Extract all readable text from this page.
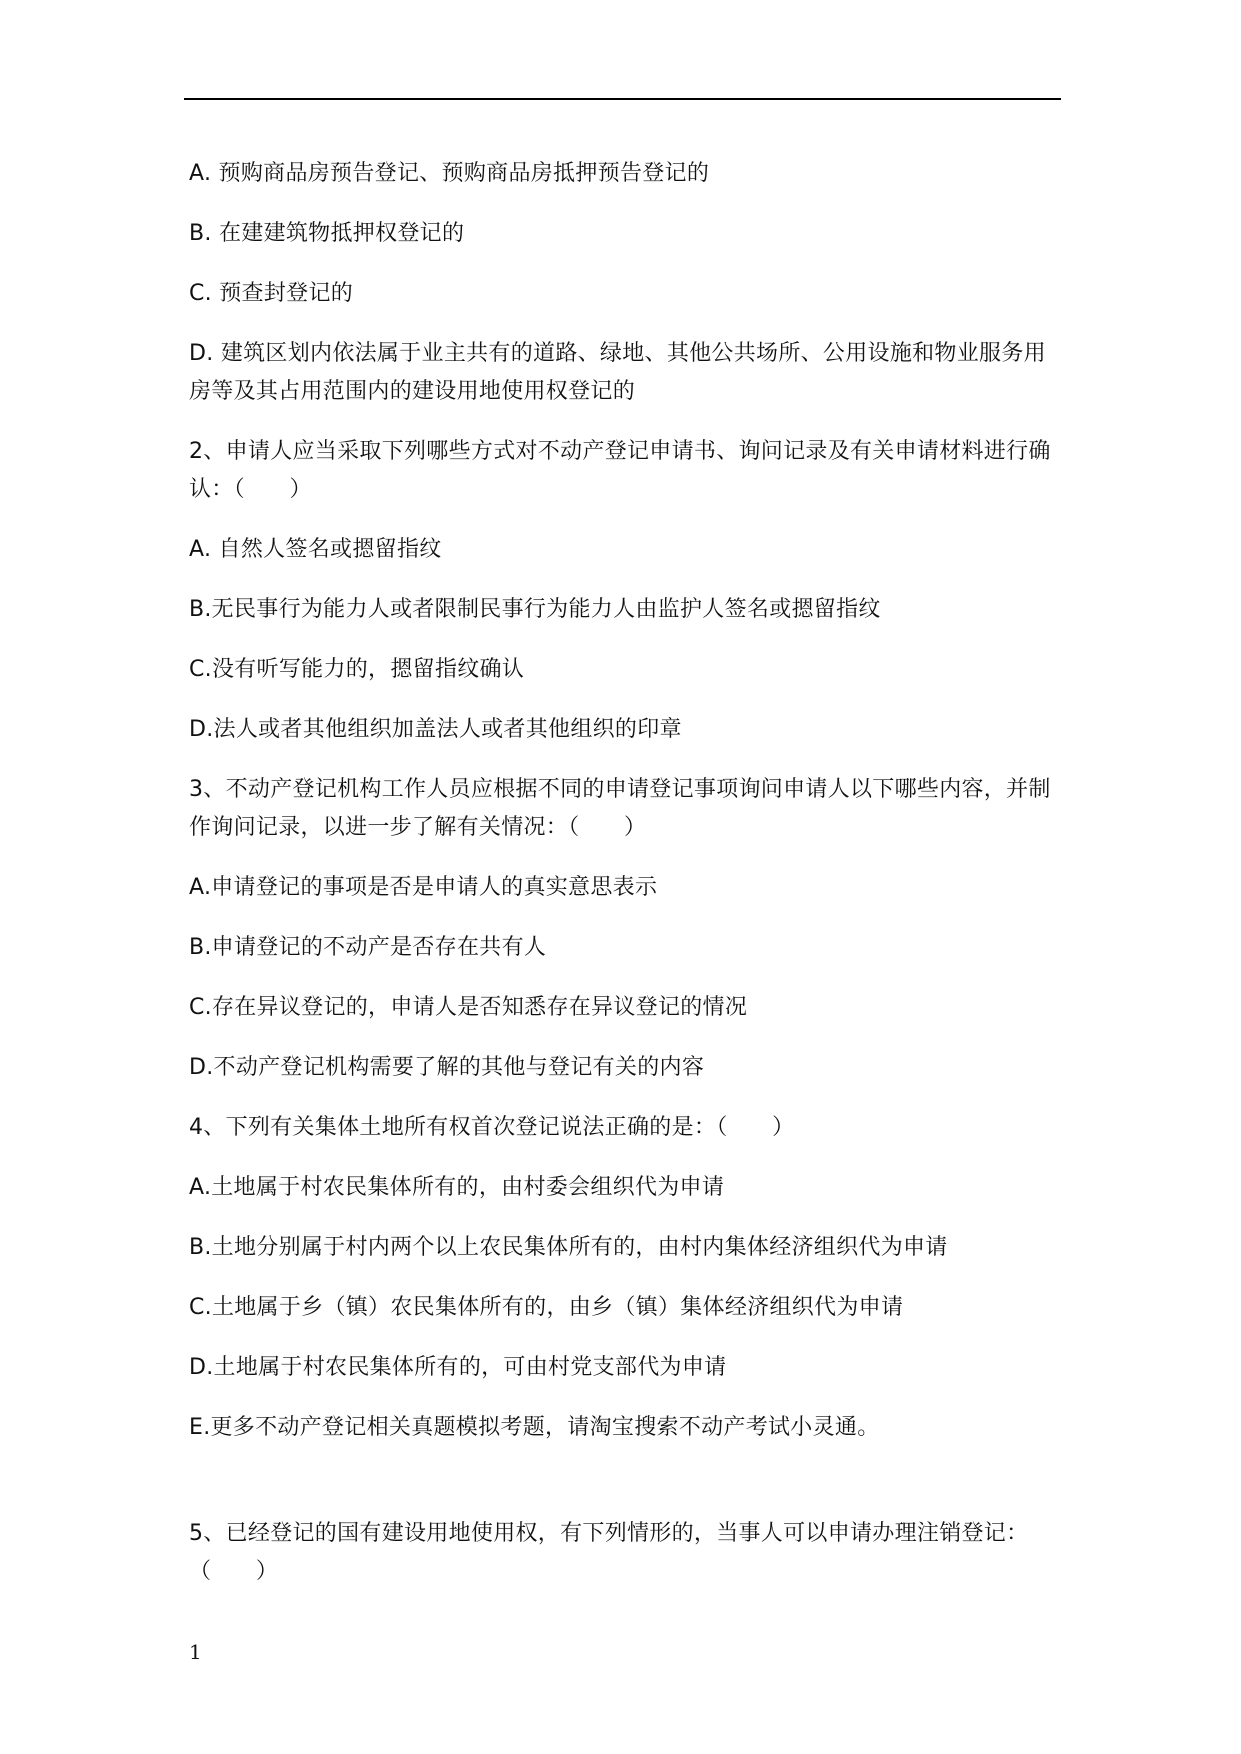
A. 预购商品房预告登记、预购商品房抵押预告登记的

B. 在建建筑物抵押权登记的

C. 预查封登记的

D. 建筑区划内依法属于业主共有的道路、绿地、其他公共场所、公用设施和物业服务用房等及其占用范围内的建设用地使用权登记的

2、申请人应当采取下列哪些方式对不动产登记申请书、询问记录及有关申请材料进行确认：（　　）

A. 自然人签名或摁留指纹

B.无民事行为能力人或者限制民事行为能力人由监护人签名或摁留指纹

C.没有听写能力的，摁留指纹确认

D.法人或者其他组织加盖法人或者其他组织的印章

3、不动产登记机构工作人员应根据不同的申请登记事项询问申请人以下哪些内容，并制作询问记录，以进一步了解有关情况：（　　）

A.申请登记的事项是否是申请人的真实意思表示

B.申请登记的不动产是否存在共有人

C.存在异议登记的，申请人是否知悉存在异议登记的情况

D.不动产登记机构需要了解的其他与登记有关的内容

4、下列有关集体土地所有权首次登记说法正确的是：（　　）

A.土地属于村农民集体所有的，由村委会组织代为申请

B.土地分别属于村内两个以上农民集体所有的，由村内集体经济组织代为申请

C.土地属于乡（镇）农民集体所有的，由乡（镇）集体经济组织代为申请

D.土地属于村农民集体所有的，可由村党支部代为申请

E.更多不动产登记相关真题模拟考题，请淘宝搜索不动产考试小灵通。

5、已经登记的国有建设用地使用权，有下列情形的，当事人可以申请办理注销登记：（　　）

1
